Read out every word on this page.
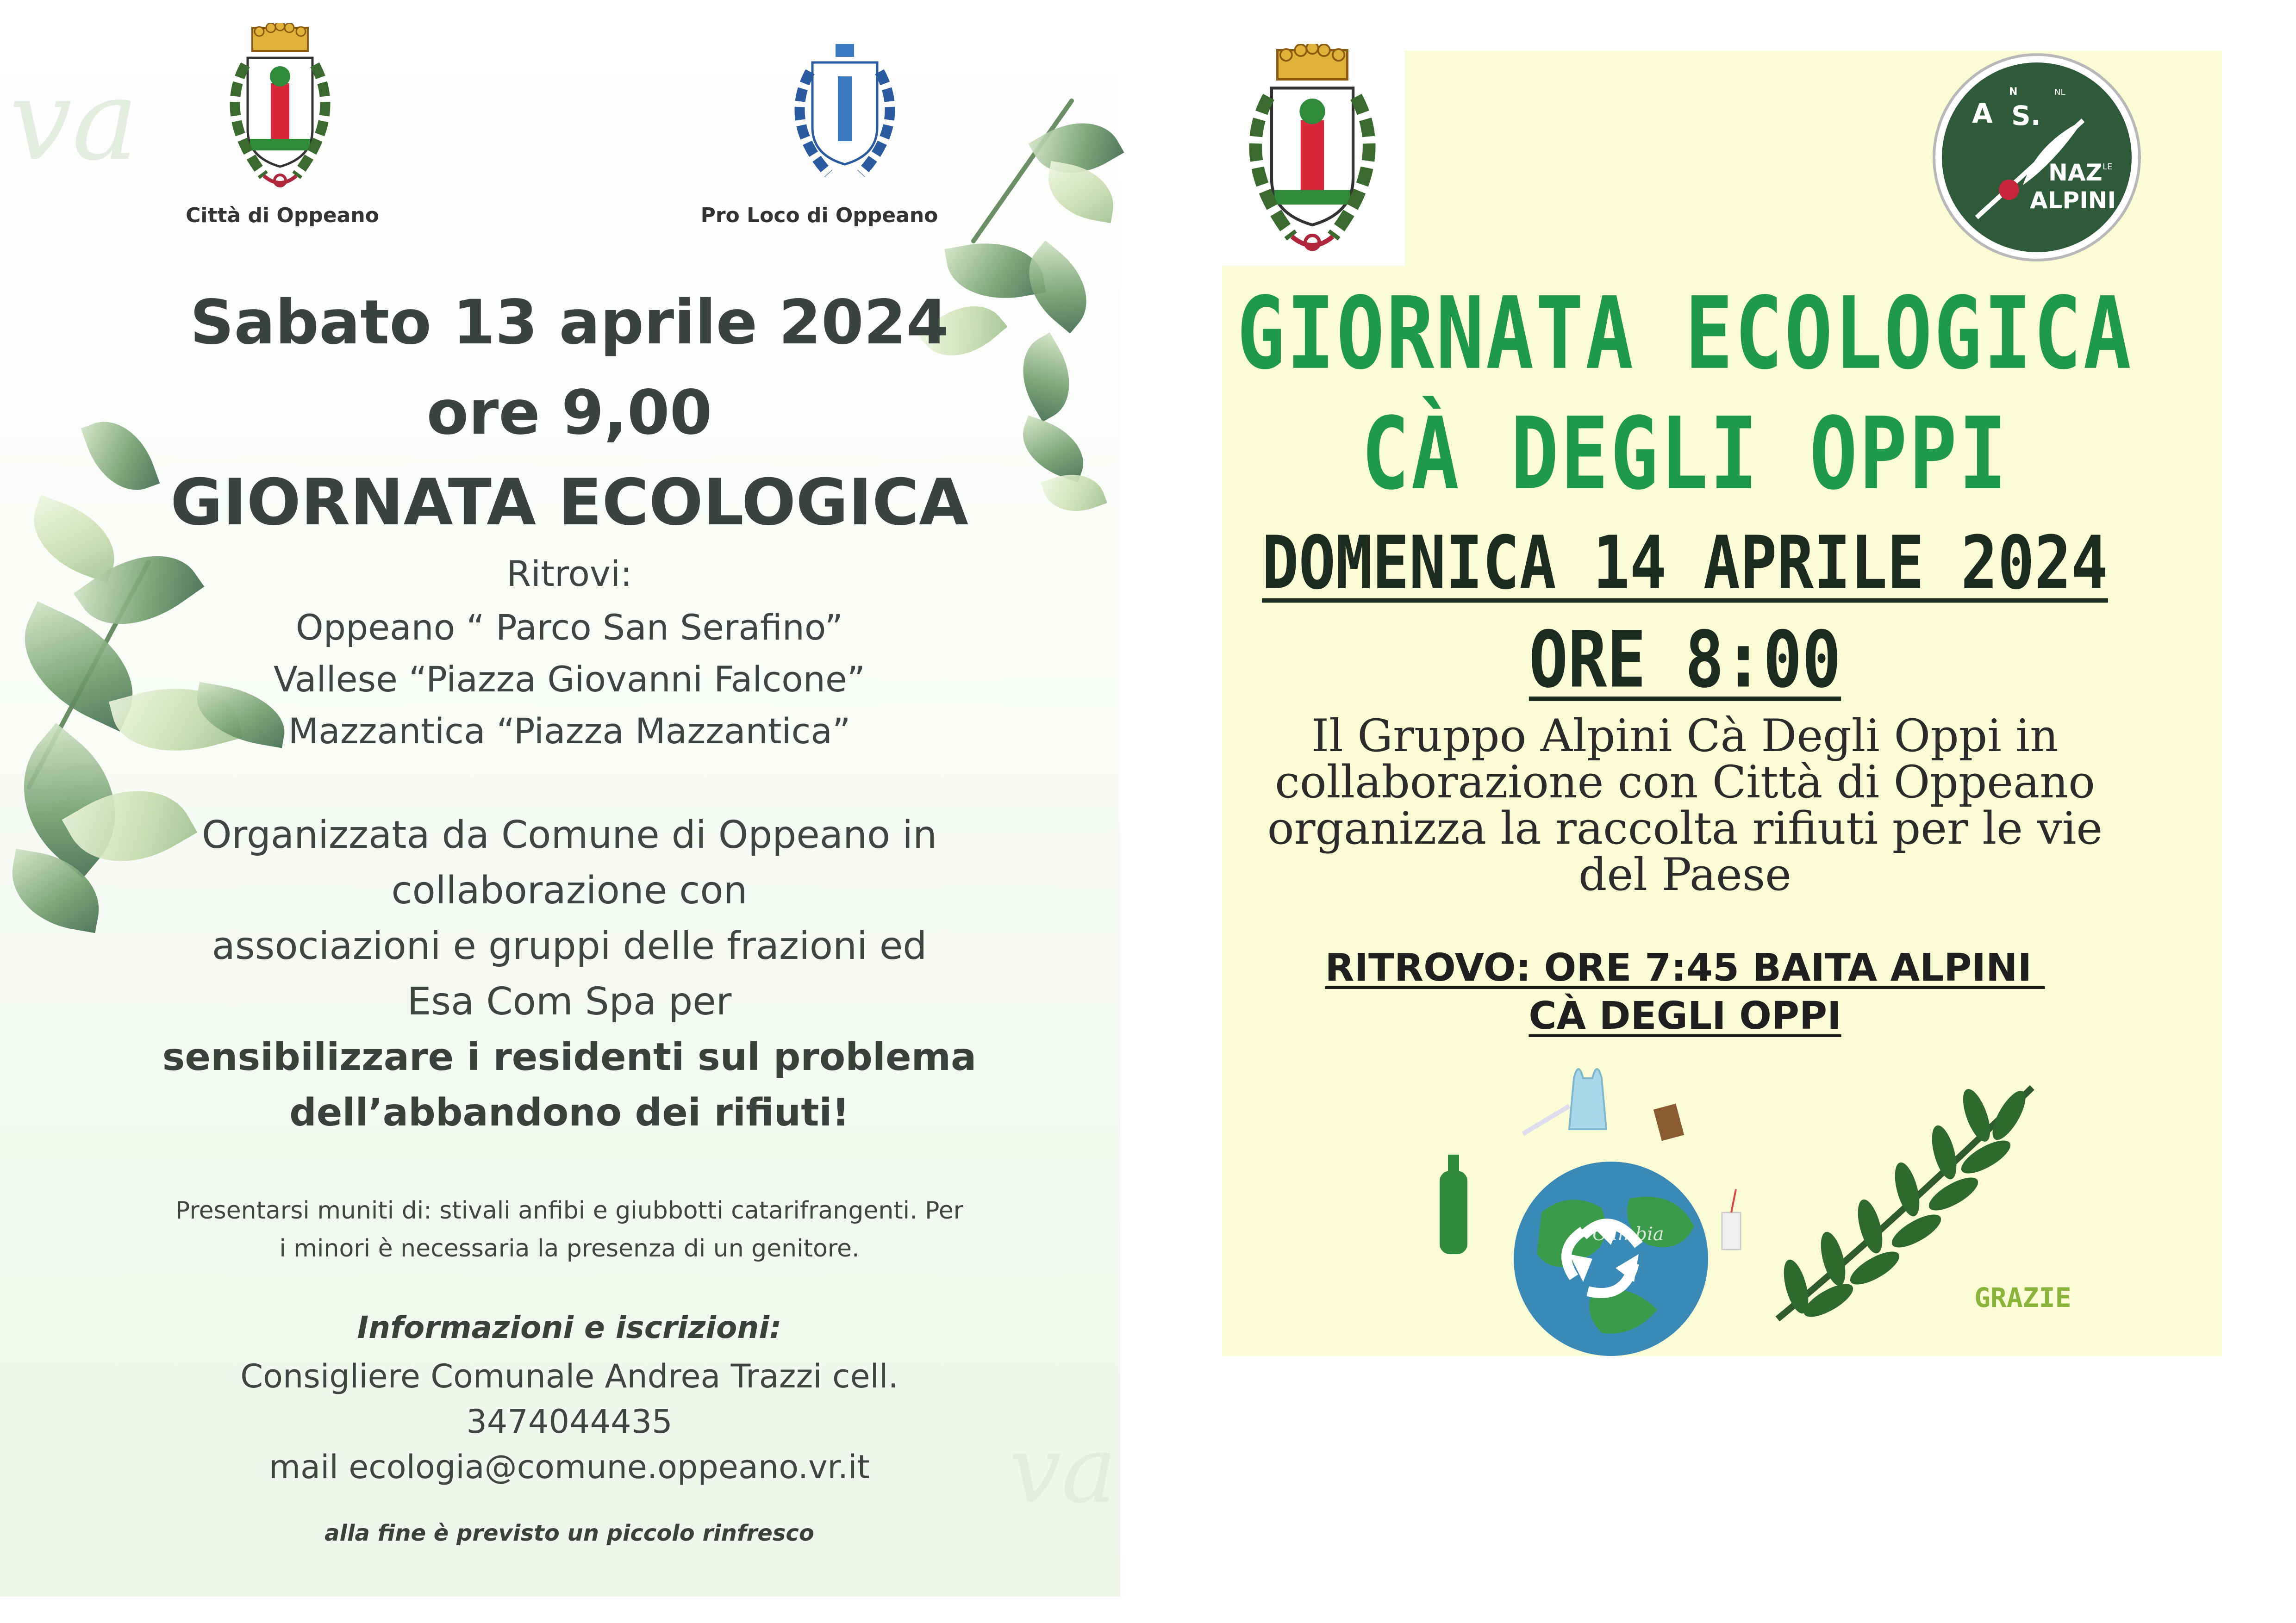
va
va
Città di Oppeano	Pro Loco di Oppeano
Sabato 13 aprile 2024
ore 9,00
GIORNATA ECOLOGICA
Ritrovi:
Oppeano “ Parco San Serafino”
Vallese “Piazza Giovanni Falcone”
Mazzantica “Piazza Mazzantica”
Organizzata da Comune di Oppeano in
collaborazione con
associazioni e gruppi delle frazioni ed
Esa Com Spa per
sensibilizzare i residenti sul problema
dell’abbandono dei rifiuti!
Presentarsi muniti di: stivali anfibi e giubbotti catarifrangenti. Per
i minori è necessaria la presenza di un genitore.
Informazioni e iscrizioni:
Consigliere Comunale Andrea Trazzi cell.
3474044435
mail ecologia@comune.oppeano.vr.it
alla fine è previsto un piccolo rinfresco
A
N
S.
NL
NAZ LE
ALPINI
GIORNATA ECOLOGICA
CÀ DEGLI OPPI
DOMENICA 14 APRILE 2024
ORE 8:00
Il Gruppo Alpini Cà Degli Oppi in
collaborazione con Città di Oppeano
organizza la raccolta rifiuti per le vie
del Paese
RITROVO: ORE 7:45 BAITA ALPINI
CÀ DEGLI OPPI
Cambia
GRAZIE
